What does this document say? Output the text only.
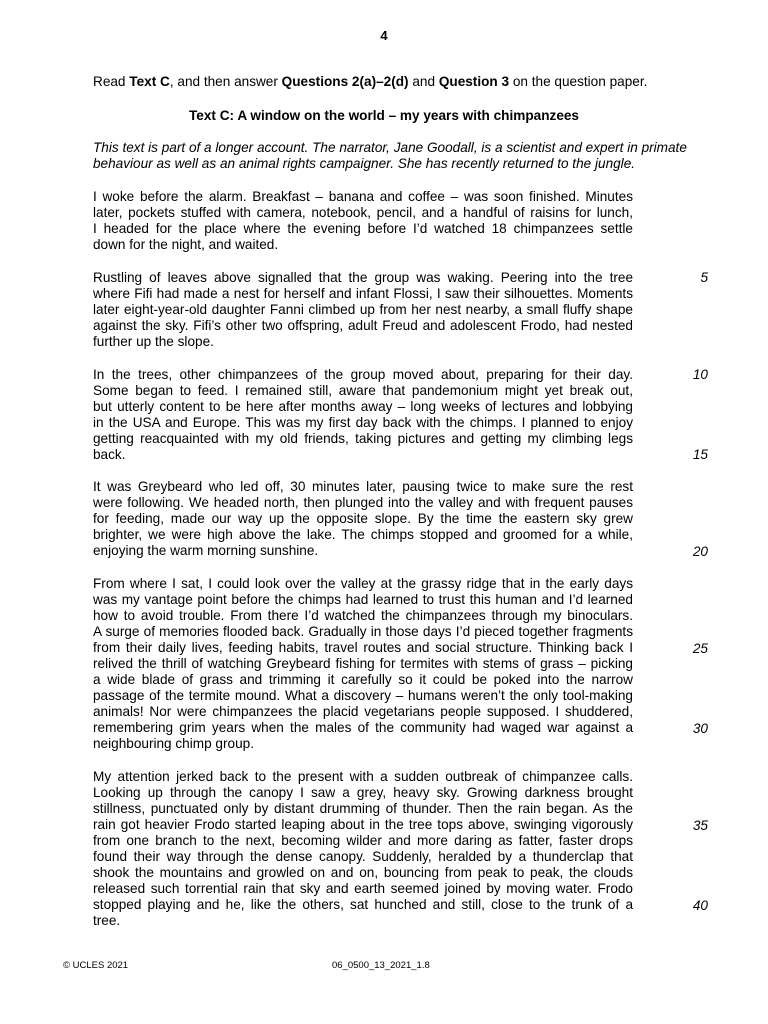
4
Read Text C, and then answer Questions 2(a)–2(d) and Question 3 on the question paper.
Text C: A window on the world – my years with chimpanzees
This text is part of a longer account. The narrator, Jane Goodall, is a scientist and expert in primate
behaviour as well as an animal rights campaigner. She has recently returned to the jungle.
I woke before the alarm. Breakfast – banana and coffee – was soon finished. Minutes
later, pockets stuffed with camera, notebook, pencil, and a handful of raisins for lunch,
I headed for the place where the evening before I’d watched 18 chimpanzees settle
down for the night, and waited.
Rustling of leaves above signalled that the group was waking. Peering into the tree
where Fifi had made a nest for herself and infant Flossi, I saw their silhouettes. Moments
later eight-year-old daughter Fanni climbed up from her nest nearby, a small fluffy shape
against the sky. Fifi’s other two offspring, adult Freud and adolescent Frodo, had nested
further up the slope.
In the trees, other chimpanzees of the group moved about, preparing for their day.
Some began to feed. I remained still, aware that pandemonium might yet break out,
but utterly content to be here after months away – long weeks of lectures and lobbying
in the USA and Europe. This was my first day back with the chimps. I planned to enjoy
getting reacquainted with my old friends, taking pictures and getting my climbing legs
back.
It was Greybeard who led off, 30 minutes later, pausing twice to make sure the rest
were following. We headed north, then plunged into the valley and with frequent pauses
for feeding, made our way up the opposite slope. By the time the eastern sky grew
brighter, we were high above the lake. The chimps stopped and groomed for a while,
enjoying the warm morning sunshine.
From where I sat, I could look over the valley at the grassy ridge that in the early days
was my vantage point before the chimps had learned to trust this human and I’d learned
how to avoid trouble. From there I’d watched the chimpanzees through my binoculars.
A surge of memories flooded back. Gradually in those days I’d pieced together fragments
from their daily lives, feeding habits, travel routes and social structure. Thinking back I
relived the thrill of watching Greybeard fishing for termites with stems of grass – picking
a wide blade of grass and trimming it carefully so it could be poked into the narrow
passage of the termite mound. What a discovery – humans weren’t the only tool-making
animals! Nor were chimpanzees the placid vegetarians people supposed. I shuddered,
remembering grim years when the males of the community had waged war against a
neighbouring chimp group.
My attention jerked back to the present with a sudden outbreak of chimpanzee calls.
Looking up through the canopy I saw a grey, heavy sky. Growing darkness brought
stillness, punctuated only by distant drumming of thunder. Then the rain began. As the
rain got heavier Frodo started leaping about in the tree tops above, swinging vigorously
from one branch to the next, becoming wilder and more daring as fatter, faster drops
found their way through the dense canopy. Suddenly, heralded by a thunderclap that
shook the mountains and growled on and on, bouncing from peak to peak, the clouds
released such torrential rain that sky and earth seemed joined by moving water. Frodo
stopped playing and he, like the others, sat hunched and still, close to the trunk of a
tree.
5
10
15
20
25
30
35
40
© UCLES 2021	06_0500_13_2021_1.8
